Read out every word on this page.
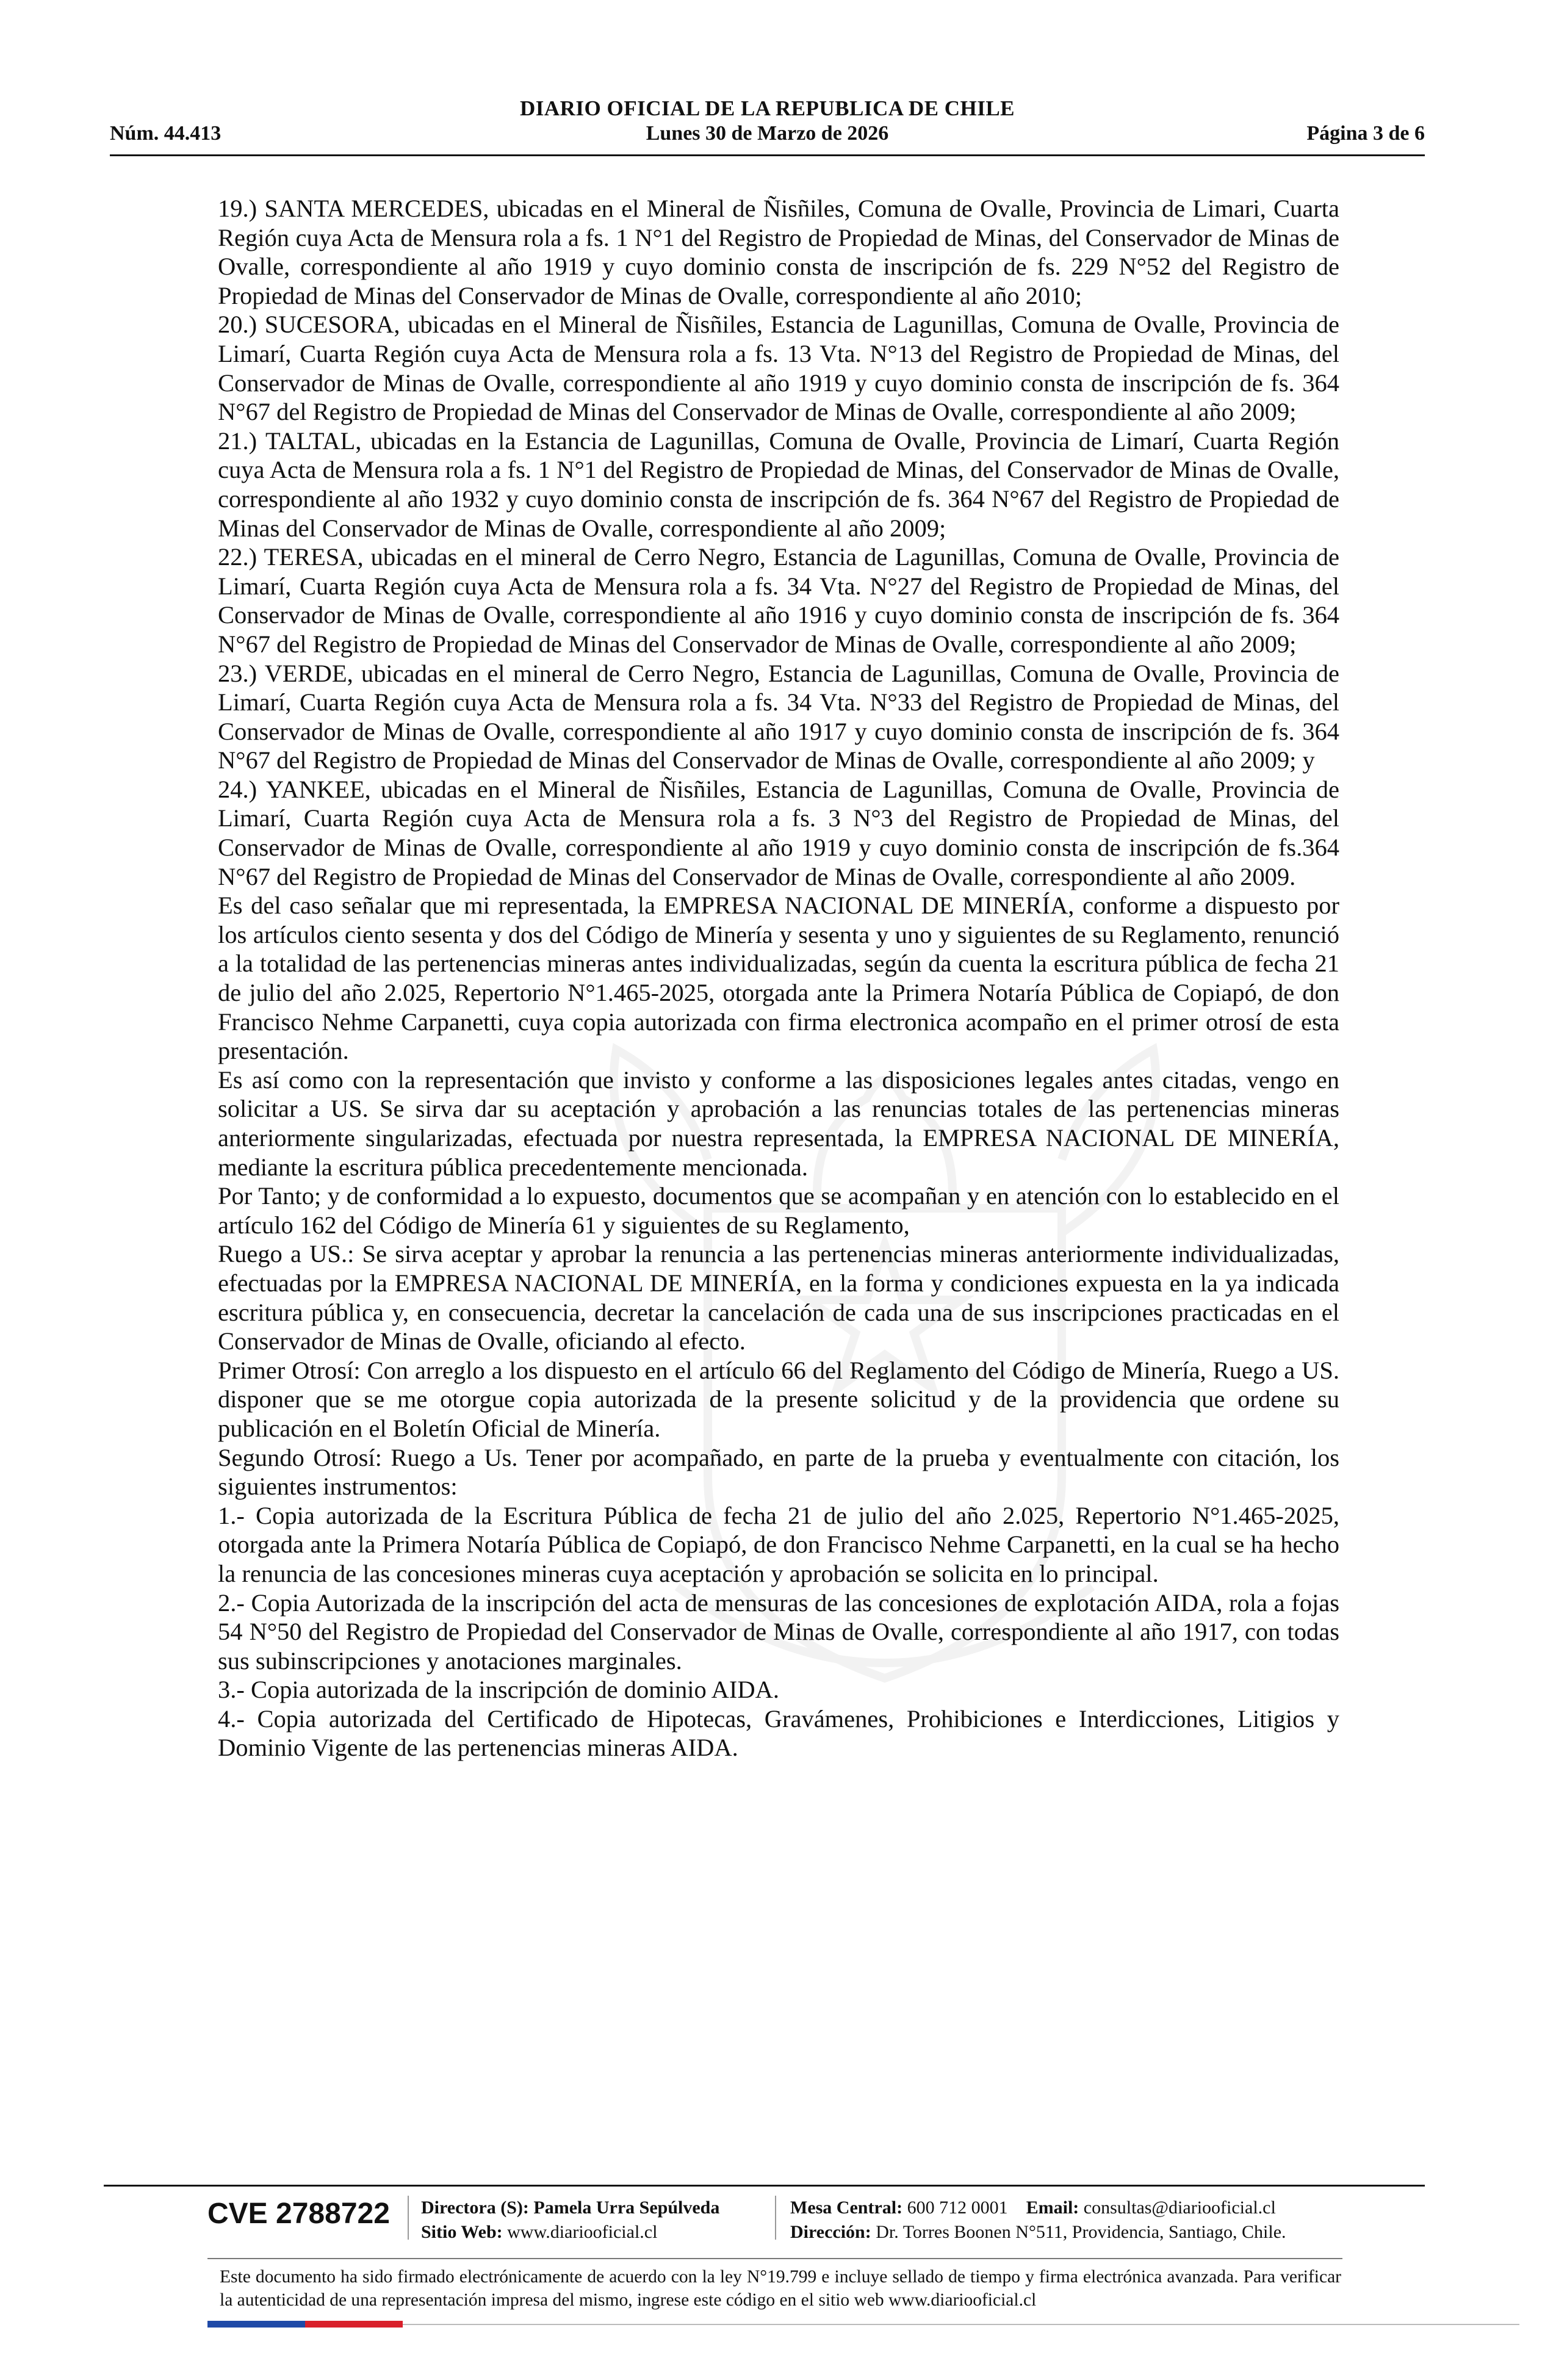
DIARIO OFICIAL DE LA REPUBLICA DE CHILE
Núm. 44.413	Lunes 30 de Marzo de 2026	Página 3 de 6

19.) SANTA MERCEDES, ubicadas en el Mineral de Ñisñiles, Comuna de Ovalle, Provincia de Limari, Cuarta Región cuya Acta de Mensura rola a fs. 1 N°1 del Registro de Propiedad de Minas, del Conservador de Minas de Ovalle, correspondiente al año 1919 y cuyo dominio consta de inscripción de fs. 229 N°52 del Registro de Propiedad de Minas del Conservador de Minas de Ovalle, correspondiente al año 2010;

20.) SUCESORA, ubicadas en el Mineral de Ñisñiles, Estancia de Lagunillas, Comuna de Ovalle, Provincia de Limarí, Cuarta Región cuya Acta de Mensura rola a fs. 13 Vta. N°13 del Registro de Propiedad de Minas, del Conservador de Minas de Ovalle, correspondiente al año 1919 y cuyo dominio consta de inscripción de fs. 364 N°67 del Registro de Propiedad de Minas del Conservador de Minas de Ovalle, correspondiente al año 2009;

21.) TALTAL, ubicadas en la Estancia de Lagunillas, Comuna de Ovalle, Provincia de Limarí, Cuarta Región cuya Acta de Mensura rola a fs. 1 N°1 del Registro de Propiedad de Minas, del Conservador de Minas de Ovalle, correspondiente al año 1932 y cuyo dominio consta de inscripción de fs. 364 N°67 del Registro de Propiedad de Minas del Conservador de Minas de Ovalle, correspondiente al año 2009;

22.) TERESA, ubicadas en el mineral de Cerro Negro, Estancia de Lagunillas, Comuna de Ovalle, Provincia de Limarí, Cuarta Región cuya Acta de Mensura rola a fs. 34 Vta. N°27 del Registro de Propiedad de Minas, del Conservador de Minas de Ovalle, correspondiente al año 1916 y cuyo dominio consta de inscripción de fs. 364 N°67 del Registro de Propiedad de Minas del Conservador de Minas de Ovalle, correspondiente al año 2009;

23.) VERDE, ubicadas en el mineral de Cerro Negro, Estancia de Lagunillas, Comuna de Ovalle, Provincia de Limarí, Cuarta Región cuya Acta de Mensura rola a fs. 34 Vta. N°33 del Registro de Propiedad de Minas, del Conservador de Minas de Ovalle, correspondiente al año 1917 y cuyo dominio consta de inscripción de fs. 364 N°67 del Registro de Propiedad de Minas del Conservador de Minas de Ovalle, correspondiente al año 2009; y

24.) YANKEE, ubicadas en el Mineral de Ñisñiles, Estancia de Lagunillas, Comuna de Ovalle, Provincia de Limarí, Cuarta Región cuya Acta de Mensura rola a fs. 3 N°3 del Registro de Propiedad de Minas, del Conservador de Minas de Ovalle, correspondiente al año 1919 y cuyo dominio consta de inscripción de fs.364 N°67 del Registro de Propiedad de Minas del Conservador de Minas de Ovalle, correspondiente al año 2009.

Es del caso señalar que mi representada, la EMPRESA NACIONAL DE MINERÍA, conforme a dispuesto por los artículos ciento sesenta y dos del Código de Minería y sesenta y uno y siguientes de su Reglamento, renunció a la totalidad de las pertenencias mineras antes individualizadas, según da cuenta la escritura pública de fecha 21 de julio del año 2.025, Repertorio N°1.465-2025, otorgada ante la Primera Notaría Pública de Copiapó, de don Francisco Nehme Carpanetti, cuya copia autorizada con firma electronica acompaño en el primer otrosí de esta presentación.

Es así como con la representación que invisto y conforme a las disposiciones legales antes citadas, vengo en solicitar a US. Se sirva dar su aceptación y aprobación a las renuncias totales de las pertenencias mineras anteriormente singularizadas, efectuada por nuestra representada, la EMPRESA NACIONAL DE MINERÍA, mediante la escritura pública precedentemente mencionada.

Por Tanto; y de conformidad a lo expuesto, documentos que se acompañan y en atención con lo establecido en el artículo 162 del Código de Minería 61 y siguientes de su Reglamento,

Ruego a US.: Se sirva aceptar y aprobar la renuncia a las pertenencias mineras anteriormente individualizadas, efectuadas por la EMPRESA NACIONAL DE MINERÍA, en la forma y condiciones expuesta en la ya indicada escritura pública y, en consecuencia, decretar la cancelación de cada una de sus inscripciones practicadas en el Conservador de Minas de Ovalle, oficiando al efecto.

Primer Otrosí: Con arreglo a los dispuesto en el artículo 66 del Reglamento del Código de Minería, Ruego a US. disponer que se me otorgue copia autorizada de la presente solicitud y de la providencia que ordene su publicación en el Boletín Oficial de Minería.

Segundo Otrosí: Ruego a Us. Tener por acompañado, en parte de la prueba y eventualmente con citación, los siguientes instrumentos:

1.- Copia autorizada de la Escritura Pública de fecha 21 de julio del año 2.025, Repertorio N°1.465-2025, otorgada ante la Primera Notaría Pública de Copiapó, de don Francisco Nehme Carpanetti, en la cual se ha hecho la renuncia de las concesiones mineras cuya aceptación y aprobación se solicita en lo principal.

2.- Copia Autorizada de la inscripción del acta de mensuras de las concesiones de explotación AIDA, rola a fojas 54 N°50 del Registro de Propiedad del Conservador de Minas de Ovalle, correspondiente al año 1917, con todas sus subinscripciones y anotaciones marginales.

3.- Copia autorizada de la inscripción de dominio AIDA.

4.- Copia autorizada del Certificado de Hipotecas, Gravámenes, Prohibiciones e Interdicciones, Litigios y Dominio Vigente de las pertenencias mineras AIDA.

CVE 2788722 Directora (S): Pamela Urra Sepúlveda
Sitio Web: www.diariooficial.cl
Mesa Central: 600 712 0001 Email: consultas@diariooficial.cl
Dirección: Dr. Torres Boonen N°511, Providencia, Santiago, Chile.
Este documento ha sido firmado electrónicamente de acuerdo con la ley N°19.799 e incluye sellado de tiempo y firma electrónica avanzada. Para verificar la autenticidad de una representación impresa del mismo, ingrese este código en el sitio web www.diariooficial.cl
